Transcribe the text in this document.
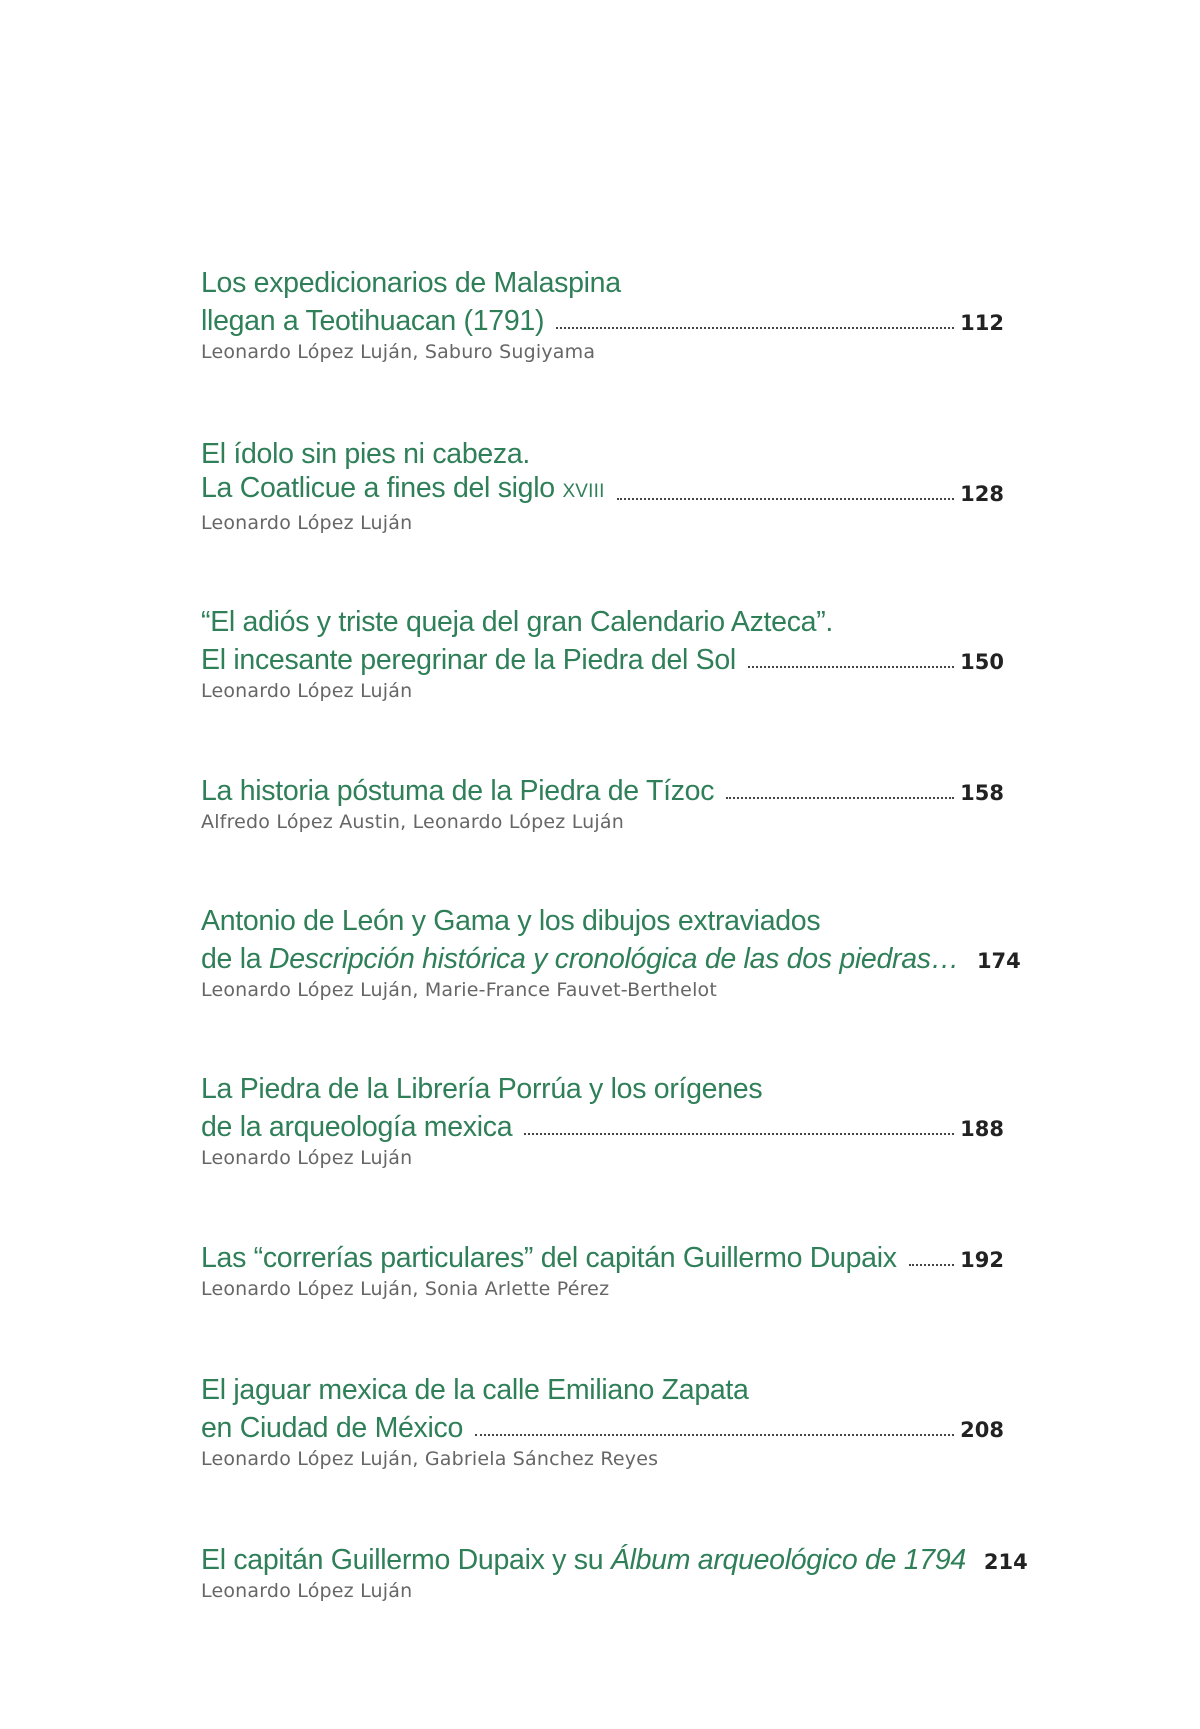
Los expedicionarios de Malaspina
llegan a Teotihuacan (1791)	112
Leonardo López Luján, Saburo Sugiyama
El ídolo sin pies ni cabeza.
La Coatlicue a fines del siglo XVIII	128
Leonardo López Luján
“El adiós y triste queja del gran Calendario Azteca”.
El incesante peregrinar de la Piedra del Sol	150
Leonardo López Luján
La historia póstuma de la Piedra de Tízoc	158
Alfredo López Austin, Leonardo López Luján
Antonio de León y Gama y los dibujos extraviados
de la Descripción histórica y cronológica de las dos piedras… 174
Leonardo López Luján, Marie-France Fauvet-Berthelot
La Piedra de la Librería Porrúa y los orígenes
de la arqueología mexica	188
Leonardo López Luján
Las “correrías particulares” del capitán Guillermo Dupaix	192
Leonardo López Luján, Sonia Arlette Pérez
El jaguar mexica de la calle Emiliano Zapata
en Ciudad de México	208
Leonardo López Luján, Gabriela Sánchez Reyes
El capitán Guillermo Dupaix y su Álbum arqueológico de 1794 214
Leonardo López Luján
